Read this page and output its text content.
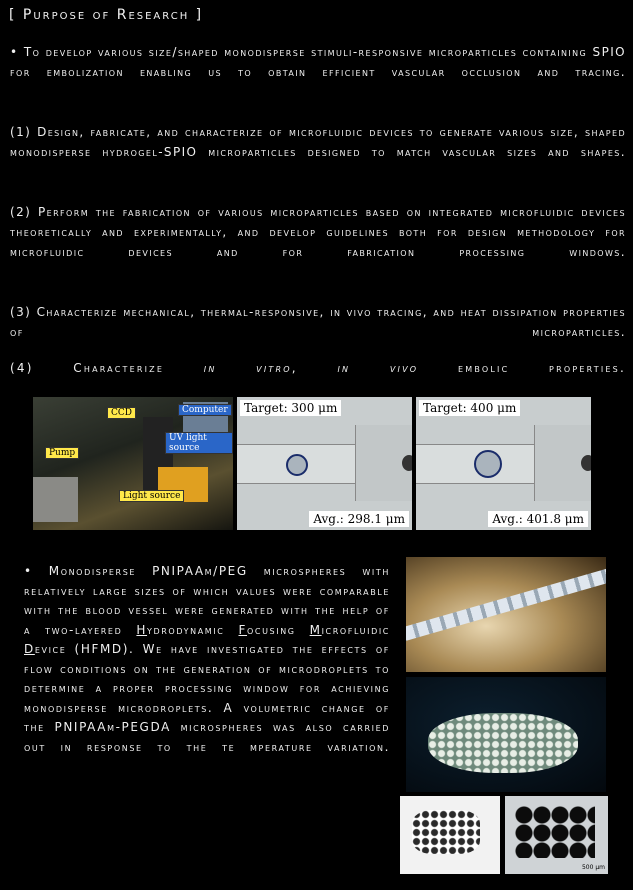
[ Purpose of Research ]
• To develop various size/shaped monodisperse stimuli-responsive microparticles containing SPIO for embolization enabling us to obtain efficient vascular occlusion and tracing.
(1) Design, fabricate, and characterize of microfluidic devices to generate various size, shaped monodisperse hydrogel-SPIO microparticles designed to match vascular sizes and shapes.
(2) Perform the fabrication of various microparticles based on integrated microfluidic devices theoretically and experimentally, and develop guidelines both for design methodology for microfluidic devices and for fabrication processing windows.
(3) Characterize mechanical, thermal-responsive, in vivo tracing, and heat dissipation properties of microparticles.
(4) Characterize in vitro, in vivo embolic properties.
CCD	Computer
UV light source
Pump
Light source
Target: 300 μm
Avg.: 298.1 μm
Target: 400 μm
Avg.: 401.8 μm
• Monodisperse PNIPAAm/PEG microspheres with relatively large sizes of which values were comparable with the blood vessel were generated with the help of a two-layered Hydrodynamic Focusing Microfluidic Device (HFMD). We have investigated the effects of flow conditions on the generation of microdroplets to determine a proper processing window for achieving monodisperse microdroplets. A volumetric change of the PNIPAAm-PEGDA microspheres was also carried out in response to the te mperature variation.
500 μm
